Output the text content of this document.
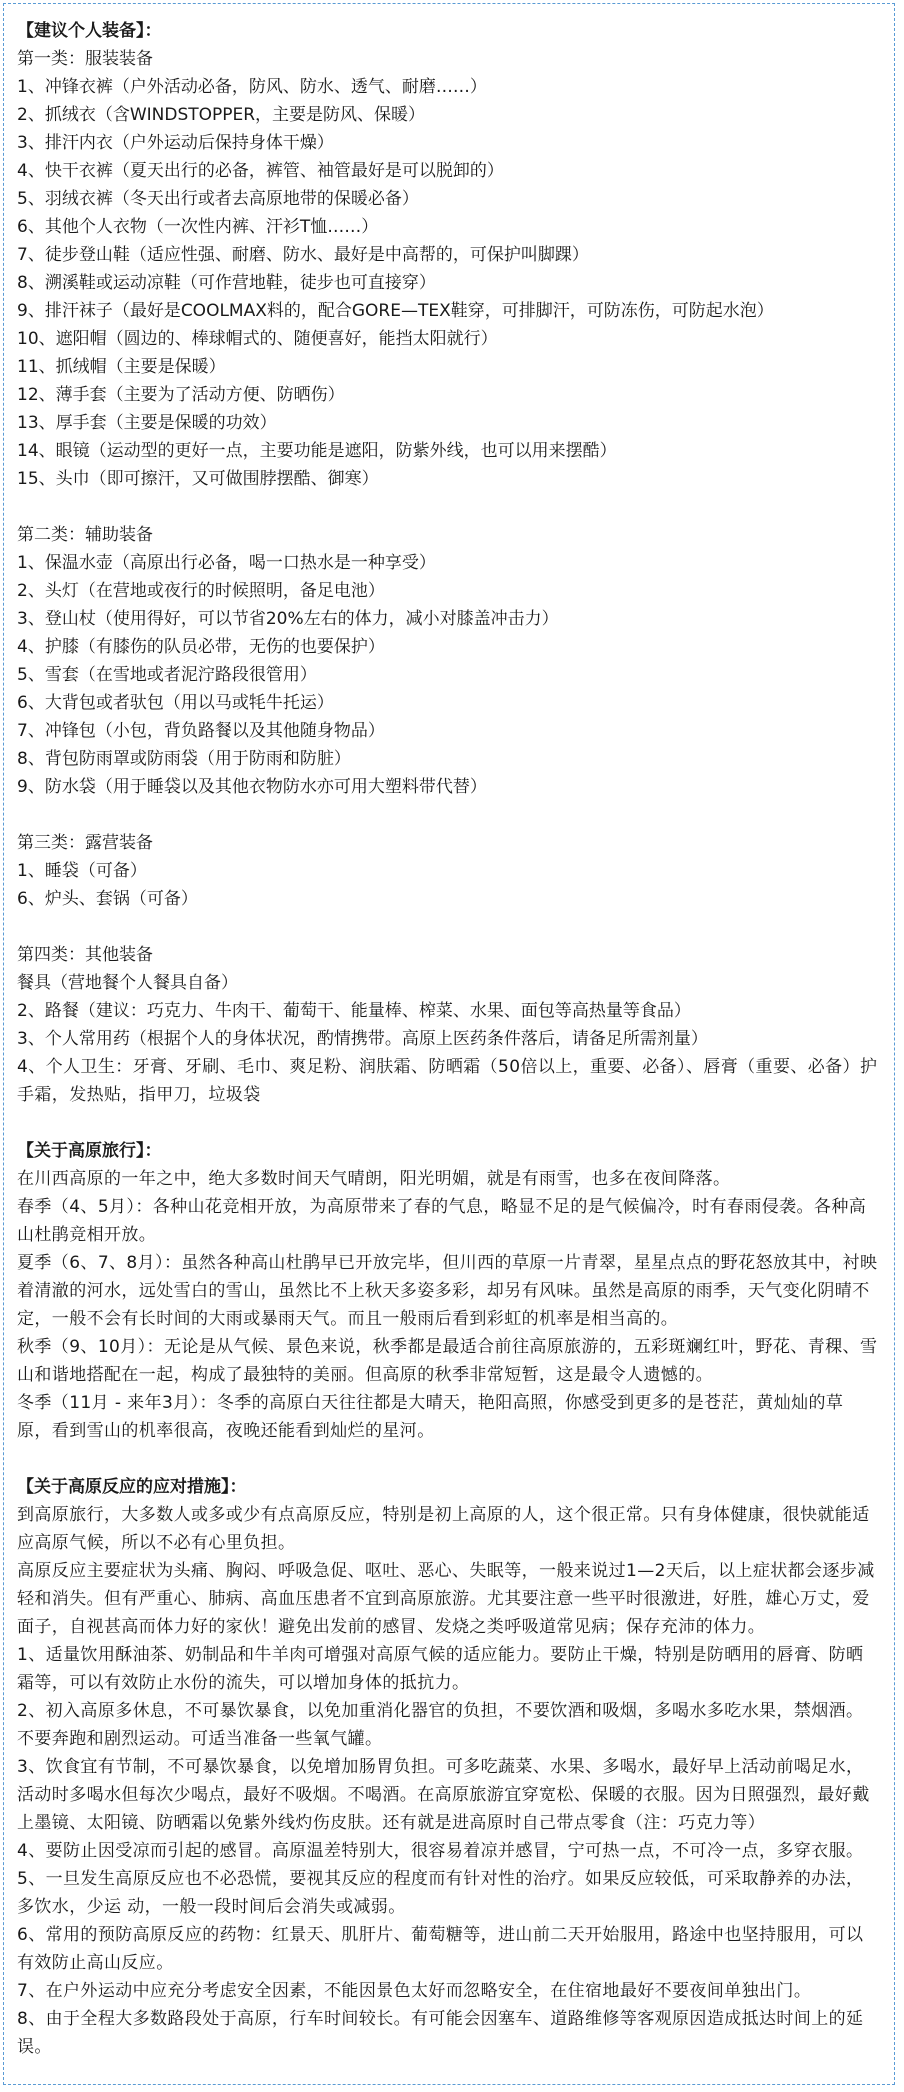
【建议个人装备】：
第一类：服装装备
1、冲锋衣裤（户外活动必备，防风、防水、透气、耐磨……）
2、抓绒衣（含WINDSTOPPER，主要是防风、保暖）
3、排汗内衣（户外运动后保持身体干燥）
4、快干衣裤（夏天出行的必备，裤管、袖管最好是可以脱卸的）
5、羽绒衣裤（冬天出行或者去高原地带的保暖必备）
6、其他个人衣物（一次性内裤、汗衫T恤……）
7、徒步登山鞋（适应性强、耐磨、防水、最好是中高帮的，可保护叫脚踝）
8、溯溪鞋或运动凉鞋（可作营地鞋，徒步也可直接穿）
9、排汗袜子（最好是COOLMAX料的，配合GORE—TEX鞋穿，可排脚汗，可防冻伤，可防起水泡）
10、遮阳帽（圆边的、棒球帽式的、随便喜好，能挡太阳就行）
11、抓绒帽（主要是保暖）
12、薄手套（主要为了活动方便、防晒伤）
13、厚手套（主要是保暖的功效）
14、眼镜（运动型的更好一点，主要功能是遮阳，防紫外线，也可以用来摆酷）
15、头巾（即可擦汗，又可做围脖摆酷、御寒）
第二类：辅助装备
1、保温水壶（高原出行必备，喝一口热水是一种享受）
2、头灯（在营地或夜行的时候照明，备足电池）
3、登山杖（使用得好，可以节省20%左右的体力，减小对膝盖冲击力）
4、护膝（有膝伤的队员必带，无伤的也要保护）
5、雪套（在雪地或者泥泞路段很管用）
6、大背包或者驮包（用以马或牦牛托运）
7、冲锋包（小包，背负路餐以及其他随身物品）
8、背包防雨罩或防雨袋（用于防雨和防脏）
9、防水袋（用于睡袋以及其他衣物防水亦可用大塑料带代替）
第三类：露营装备
1、睡袋（可备）
6、炉头、套锅（可备）
第四类：其他装备
餐具（营地餐个人餐具自备）
2、路餐（建议：巧克力、牛肉干、葡萄干、能量棒、榨菜、水果、面包等高热量等食品）
3、个人常用药（根据个人的身体状况，酌情携带。高原上医药条件落后，请备足所需剂量）
4、个人卫生：牙膏、牙刷、毛巾、爽足粉、润肤霜、防晒霜（50倍以上，重要、必备）、唇膏（重要、必备）护手霜，发热贴，指甲刀，垃圾袋
【关于高原旅行】：
在川西高原的一年之中，绝大多数时间天气晴朗，阳光明媚，就是有雨雪，也多在夜间降落。
春季（4、5月）：各种山花竞相开放，为高原带来了春的气息，略显不足的是气候偏冷，时有春雨侵袭。各种高山杜鹃竞相开放。
夏季（6、7、8月）：虽然各种高山杜鹃早已开放完毕，但川西的草原一片青翠，星星点点的野花怒放其中，衬映着清澈的河水，远处雪白的雪山，虽然比不上秋天多姿多彩，却另有风味。虽然是高原的雨季，天气变化阴晴不定，一般不会有长时间的大雨或暴雨天气。而且一般雨后看到彩虹的机率是相当高的。
秋季（9、10月）：无论是从气候、景色来说，秋季都是最适合前往高原旅游的，五彩斑斓红叶，野花、青稞、雪山和谐地搭配在一起，构成了最独特的美丽。但高原的秋季非常短暂，这是最令人遗憾的。
冬季（11月 - 来年3月）：冬季的高原白天往往都是大晴天，艳阳高照，你感受到更多的是苍茫，黄灿灿的草原，看到雪山的机率很高，夜晚还能看到灿烂的星河。
【关于高原反应的应对措施】：
到高原旅行，大多数人或多或少有点高原反应，特别是初上高原的人，这个很正常。只有身体健康，很快就能适应高原气候，所以不必有心里负担。
高原反应主要症状为头痛、胸闷、呼吸急促、呕吐、恶心、失眠等，一般来说过1—2天后，以上症状都会逐步减轻和消失。但有严重心、肺病、高血压患者不宜到高原旅游。尤其要注意一些平时很激进，好胜，雄心万丈，爱面子，自视甚高而体力好的家伙！避免出发前的感冒、发烧之类呼吸道常见病；保存充沛的体力。
1、适量饮用酥油茶、奶制品和牛羊肉可增强对高原气候的适应能力。要防止干燥，特别是防晒用的唇膏、防晒霜等，可以有效防止水份的流失，可以增加身体的抵抗力。
2、初入高原多休息，不可暴饮暴食，以免加重消化器官的负担，不要饮酒和吸烟，多喝水多吃水果，禁烟酒。不要奔跑和剧烈运动。可适当准备一些氧气罐。
3、饮食宜有节制，不可暴饮暴食，以免增加肠胃负担。可多吃蔬菜、水果、多喝水，最好早上活动前喝足水，活动时多喝水但每次少喝点，最好不吸烟。不喝酒。在高原旅游宜穿宽松、保暖的衣服。因为日照强烈，最好戴上墨镜、太阳镜、防晒霜以免紫外线灼伤皮肤。还有就是进高原时自己带点零食（注：巧克力等）
4、要防止因受凉而引起的感冒。高原温差特别大，很容易着凉并感冒，宁可热一点，不可冷一点，多穿衣服。
5、一旦发生高原反应也不必恐慌，要视其反应的程度而有针对性的治疗。如果反应较低，可采取静养的办法，多饮水，少运 动，一般一段时间后会消失或减弱。
6、常用的预防高原反应的药物：红景天、肌肝片、葡萄糖等，进山前二天开始服用，路途中也坚持服用，可以有效防止高山反应。
7、在户外运动中应充分考虑安全因素，不能因景色太好而忽略安全，在住宿地最好不要夜间单独出门。
8、由于全程大多数路段处于高原，行车时间较长。有可能会因塞车、道路维修等客观原因造成抵达时间上的延误。
